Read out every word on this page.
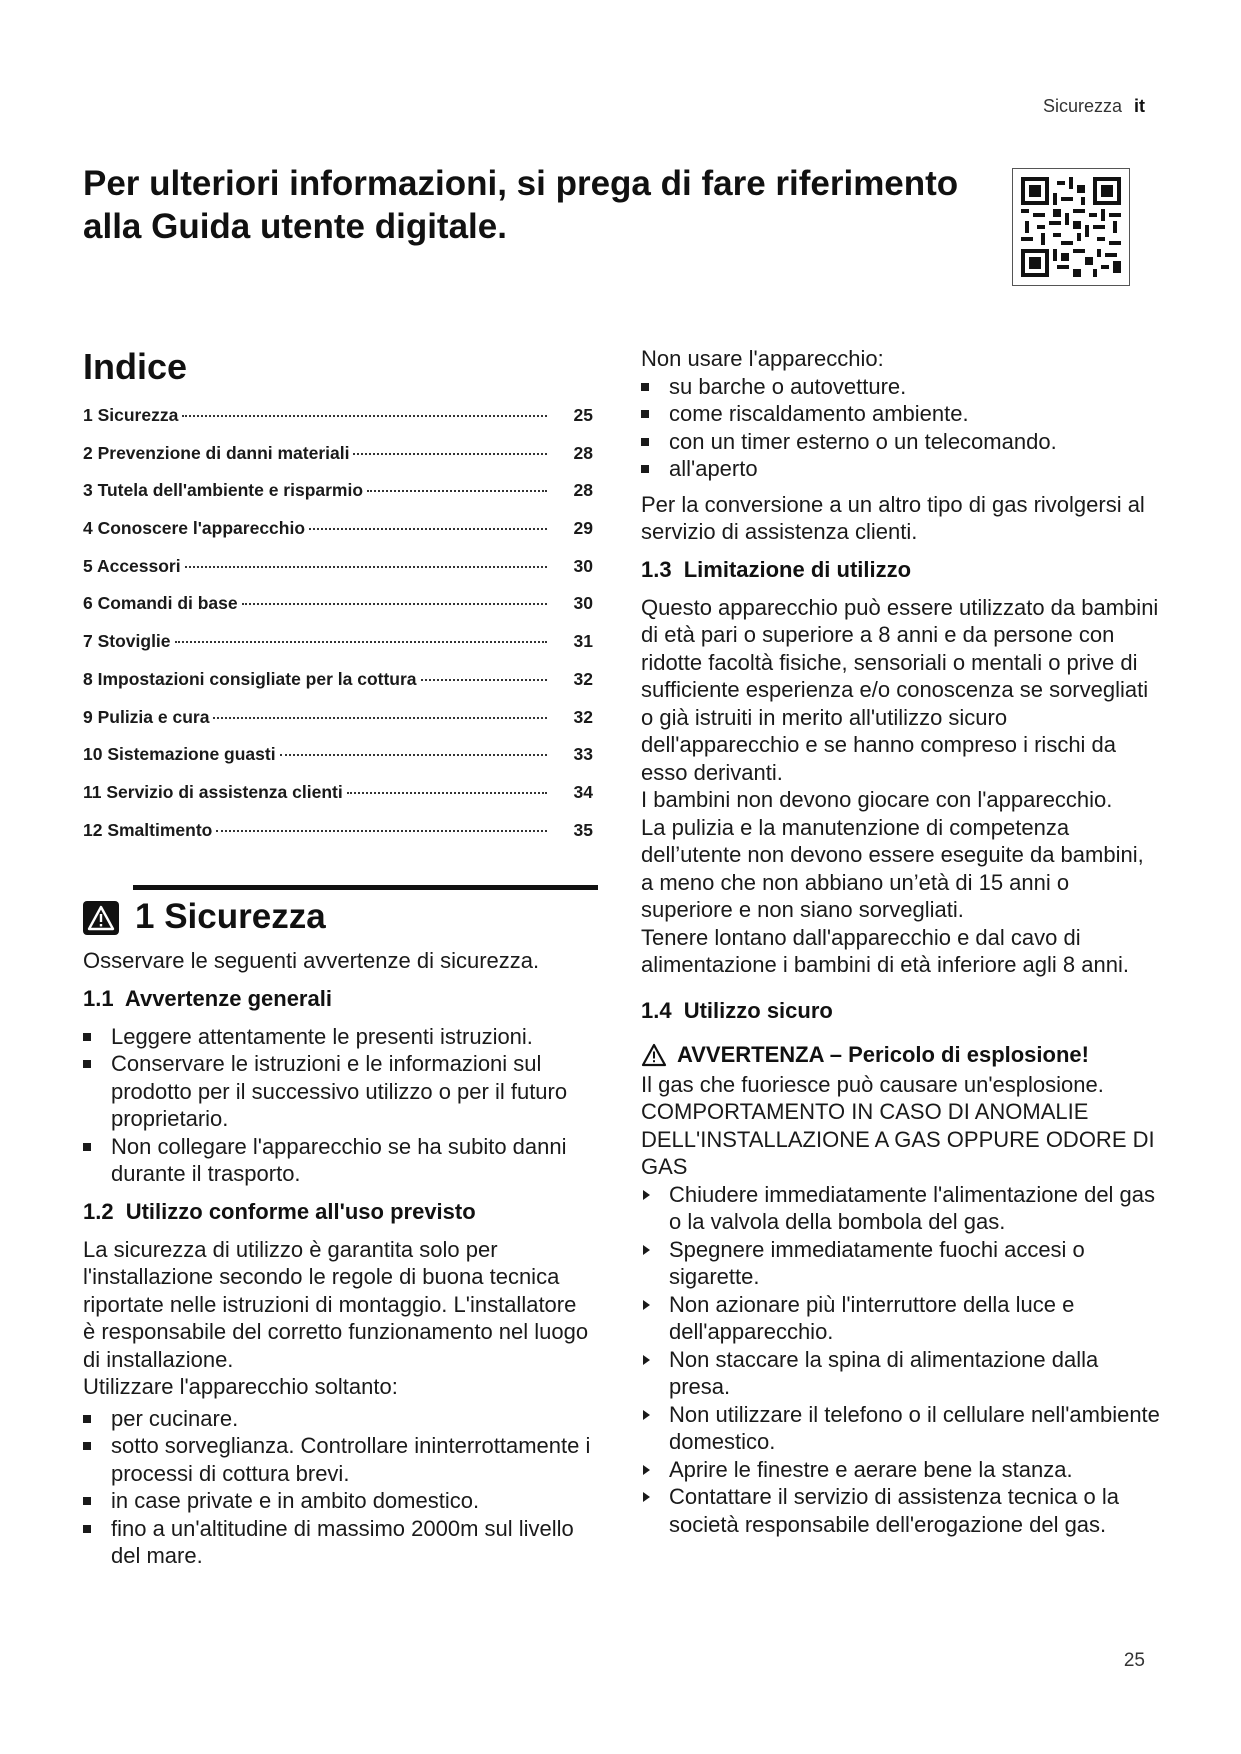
Sicurezza it
Per ulteriori informazioni, si prega di fare riferimento
alla Guida utente digitale.
Indice
1 Sicurezza	25
2 Prevenzione di danni materiali	28
3 Tutela dell'ambiente e risparmio	28
4 Conoscere l'apparecchio	29
5 Accessori	30
6 Comandi di base	30
7 Stoviglie	31
8 Impostazioni consigliate per la cottura	32
9 Pulizia e cura	32
10 Sistemazione guasti	33
11 Servizio di assistenza clienti	34
12 Smaltimento	35
1 Sicurezza

Osservare le seguenti avvertenze di sicurezza.

1.1 Avvertenze generali
Leggere attentamente le presenti istruzioni.
Conservare le istruzioni e le informazioni sul prodotto per il successivo utilizzo o per il futuro proprietario.
Non collegare l'apparecchio se ha subito danni durante il trasporto.
1.2 Utilizzo conforme all'uso previsto

La sicurezza di utilizzo è garantita solo per l'installazione secondo le regole di buona tecnica riportate nelle istruzioni di montaggio. L'installatore è responsabile del corretto funzionamento nel luogo di installazione.

Utilizzare l'apparecchio soltanto:

per cucinare.
sotto sorveglianza. Controllare ininterrottamente i processi di cottura brevi.
in case private e in ambito domestico.
fino a un'altitudine di massimo 2000m sul livello del mare.

Non usare l'apparecchio:

su barche o autovetture.
come riscaldamento ambiente.
con un timer esterno o un telecomando.
all'aperto

Per la conversione a un altro tipo di gas rivolgersi al servizio di assistenza clienti.

1.3 Limitazione di utilizzo

Questo apparecchio può essere utilizzato da bambini di età pari o superiore a 8 anni e da persone con ridotte facoltà fisiche, sensoriali o mentali o prive di sufficiente esperienza e/o conoscenza se sorvegliati o già istruiti in merito all'utilizzo sicuro dell'apparecchio e se hanno compreso i rischi da esso derivanti.

I bambini non devono giocare con l'apparecchio.

La pulizia e la manutenzione di competenza dell’utente non devono essere eseguite da bambini, a meno che non abbiano un’età di 15 anni o superiore e non siano sorvegliati.

Tenere lontano dall'apparecchio e dal cavo di alimentazione i bambini di età inferiore agli 8 anni.

1.4 Utilizzo sicuro
AVVERTENZA – Pericolo di esplosione!

Il gas che fuoriesce può causare un'esplosione. COMPORTAMENTO IN CASO DI ANOMALIE DELL'INSTALLAZIONE A GAS OPPURE ODORE DI GAS

Chiudere immediatamente l'alimentazione del gas o la valvola della bombola del gas.
Spegnere immediatamente fuochi accesi o sigarette.
Non azionare più l'interruttore della luce e dell'apparecchio.
Non staccare la spina di alimentazione dalla presa.
Non utilizzare il telefono o il cellulare nell'ambiente domestico.
Aprire le finestre e aerare bene la stanza.
Contattare il servizio di assistenza tecnica o la società responsabile dell'erogazione del gas.
25
